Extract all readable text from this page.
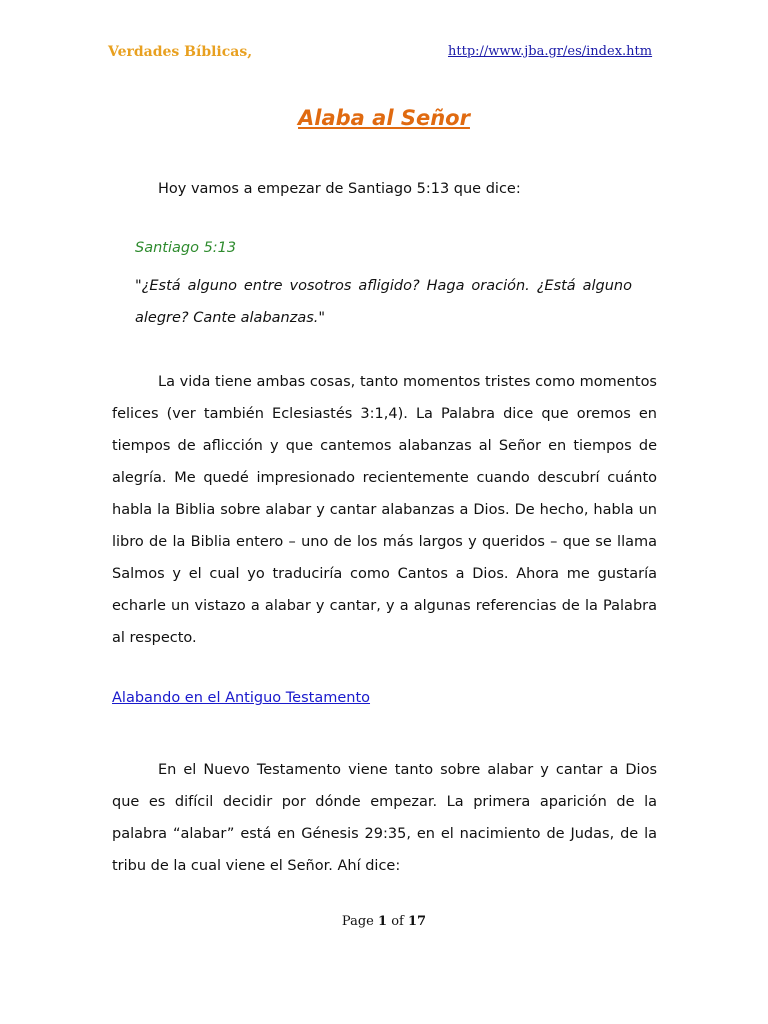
Verdades Bíblicas,	http://www.jba.gr/es/index.htm
Alaba al Señor
Hoy vamos a empezar de Santiago 5:13 que dice:
Santiago 5:13
"¿Está alguno entre vosotros afligido? Haga oración. ¿Está alguno alegre? Cante alabanzas."
La vida tiene ambas cosas, tanto momentos tristes como momentos felices (ver también Eclesiastés 3:1,4). La Palabra dice que oremos en tiempos de aflicción y que cantemos alabanzas al Señor en tiempos de alegría. Me quedé impresionado recientemente cuando descubrí cuánto habla la Biblia sobre alabar y cantar alabanzas a Dios. De hecho, habla un libro de la Biblia entero – uno de los más largos y queridos – que se llama Salmos y el cual yo traduciría como Cantos a Dios. Ahora me gustaría echarle un vistazo a alabar y cantar, y a algunas referencias de la Palabra al respecto.
Alabando en el Antiguo Testamento
En el Nuevo Testamento viene tanto sobre alabar y cantar a Dios que es difícil decidir por dónde empezar. La primera aparición de la palabra “alabar” está en Génesis 29:35, en el nacimiento de Judas, de la tribu de la cual viene el Señor. Ahí dice:
Page 1 of 17
